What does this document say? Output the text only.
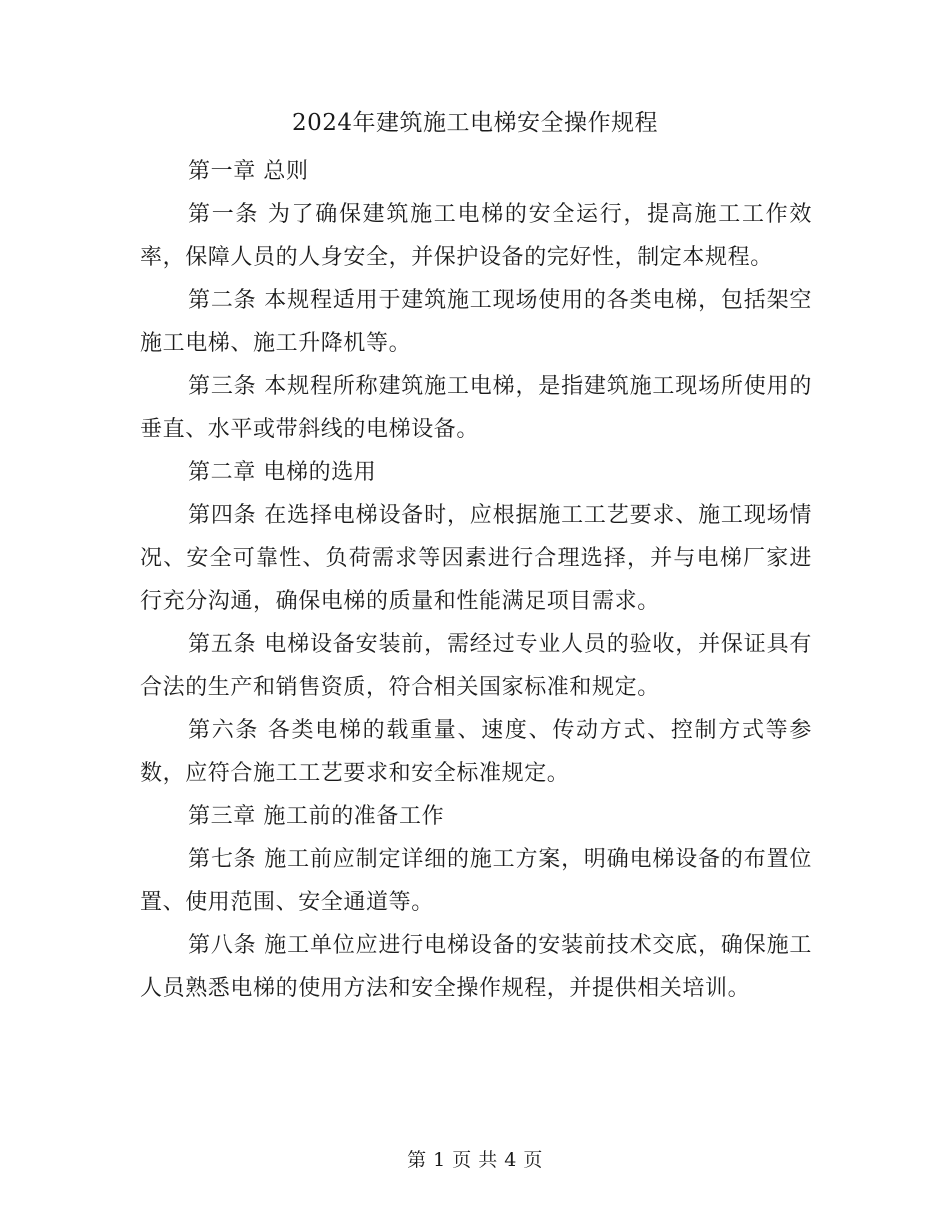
2024年建筑施工电梯安全操作规程

第一章 总则

第一条 为了确保建筑施工电梯的安全运行，提高施工工作效率，保障人员的人身安全，并保护设备的完好性，制定本规程。

第二条 本规程适用于建筑施工现场使用的各类电梯，包括架空施工电梯、施工升降机等。

第三条 本规程所称建筑施工电梯，是指建筑施工现场所使用的垂直、水平或带斜线的电梯设备。

第二章 电梯的选用

第四条 在选择电梯设备时，应根据施工工艺要求、施工现场情况、安全可靠性、负荷需求等因素进行合理选择，并与电梯厂家进行充分沟通，确保电梯的质量和性能满足项目需求。

第五条 电梯设备安装前，需经过专业人员的验收，并保证具有合法的生产和销售资质，符合相关国家标准和规定。

第六条 各类电梯的载重量、速度、传动方式、控制方式等参数，应符合施工工艺要求和安全标准规定。

第三章 施工前的准备工作

第七条 施工前应制定详细的施工方案，明确电梯设备的布置位置、使用范围、安全通道等。

第八条 施工单位应进行电梯设备的安装前技术交底，确保施工人员熟悉电梯的使用方法和安全操作规程，并提供相关培训。

第 1 页 共 4 页
